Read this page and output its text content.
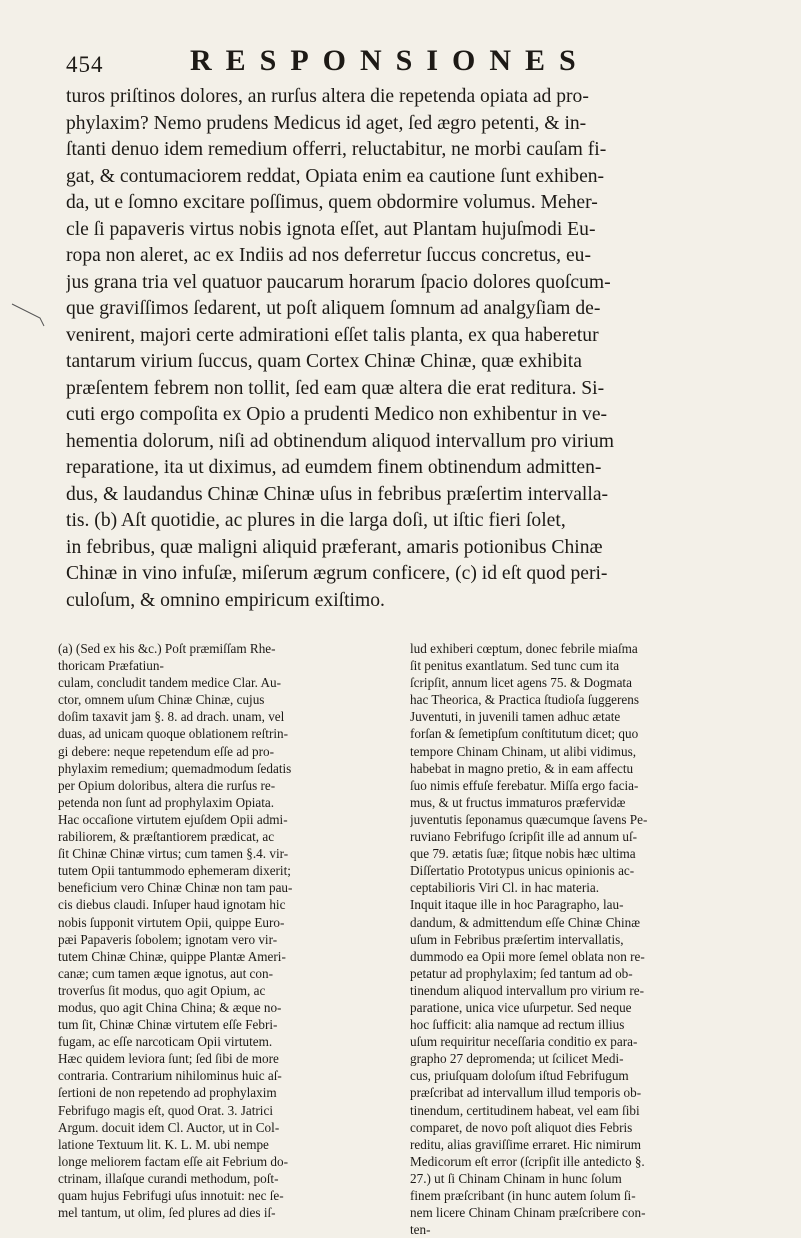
454	RESPONSIONES
turos priſtinos dolores, an rurſus altera die repetenda opiata ad pro-
phylaxim? Nemo prudens Medicus id aget, ſed ægro petenti, & in-
ſtanti denuo idem remedium offerri, reluctabitur, ne morbi cauſam fi-
gat, & contumaciorem reddat, Opiata enim ea cautione ſunt exhiben-
da, ut e ſomno excitare poſſimus, quem obdormire volumus. Meher-
cle ſi papaveris virtus nobis ignota eſſet, aut Plantam hujuſmodi Eu-
ropa non aleret, ac ex Indiis ad nos deferretur ſuccus concretus, eu-
jus grana tria vel quatuor paucarum horarum ſpacio dolores quoſcum-
que graviſſimos ſedarent, ut poſt aliquem ſomnum ad analgyſiam de-
venirent, majori certe admirationi eſſet talis planta, ex qua haberetur
tantarum virium ſuccus, quam Cortex Chinæ Chinæ, quæ exhibita
præſentem febrem non tollit, ſed eam quæ altera die erat reditura. Si-
cuti ergo compoſita ex Opio a prudenti Medico non exhibentur in ve-
hementia dolorum, niſi ad obtinendum aliquod intervallum pro virium
reparatione, ita ut diximus, ad eumdem finem obtinendum admitten-
dus, & laudandus Chinæ Chinæ uſus in febribus præſertim intervalla-
tis. (b) Aſt quotidie, ac plures in die larga doſi, ut iſtic fieri ſolet,
in febribus, quæ maligni aliquid præferant, amaris potionibus Chinæ
Chinæ in vino infuſæ, miſerum ægrum conficere, (c) id eſt quod peri-
culoſum, & omnino empiricum exiſtimo.
(a) (Sed ex his &c.) Poſt præmiſſam Rhe-
thoricam Præfatiun-
culam, concludit tandem medice Clar. Au-
ctor, omnem uſum Chinæ Chinæ, cujus
doſim taxavit jam §. 8. ad drach. unam, vel
duas, ad unicam quoque oblationem reſtrin-
gi debere: neque repetendum eſſe ad pro-
phylaxim remedium; quemadmodum ſedatis
per Opium doloribus, altera die rurſus re-
petenda non ſunt ad prophylaxim Opiata.
Hac occaſione virtutem ejuſdem Opii admi-
rabiliorem, & præſtantiorem prædicat, ac
ſit Chinæ Chinæ virtus; cum tamen §.4. vir-
tutem Opii tantummodo ephemeram dixerit;
beneficium vero Chinæ Chinæ non tam pau-
cis diebus claudi. Inſuper haud ignotam hic
nobis ſupponit virtutem Opii, quippe Euro-
pæi Papaveris ſobolem; ignotam vero vir-
tutem Chinæ Chinæ, quippe Plantæ Ameri-
canæ; cum tamen æque ignotus, aut con-
troverſus ſit modus, quo agit Opium, ac
modus, quo agit China China; & æque no-
tum ſit, Chinæ Chinæ virtutem eſſe Febri-
fugam, ac eſſe narcoticam Opii virtutem.
Hæc quidem leviora ſunt; ſed ſibi de more
contraria. Contrarium nihilominus huic aſ-
ſertioni de non repetendo ad prophylaxim
Febrifugo magis eſt, quod Orat. 3. Jatrici
Argum. docuit idem Cl. Auctor, ut in Col-
latione Textuum lit. K. L. M. ubi nempe
longe meliorem factam eſſe ait Febrium do-
ctrinam, illaſque curandi methodum, poſt-
quam hujus Febrifugi uſus innotuit: nec ſe-
mel tantum, ut olim, ſed plures ad dies iſ-
lud exhiberi cœptum, donec febrile miaſma
ſit penitus exantlatum. Sed tunc cum ita
ſcripſit, annum licet agens 75. & Dogmata
hac Theorica, & Practica ſtudioſa ſuggerens
Juventuti, in juvenili tamen adhuc ætate
forſan & ſemetipſum conſtitutum dicet; quo
tempore Chinam Chinam, ut alibi vidimus,
habebat in magno pretio, & in eam affectu
ſuo nimis effuſe ferebatur. Miſſa ergo facia-
mus, & ut fructus immaturos præfervidæ
juventutis ſeponamus quæcumque ſavens Pe-
ruviano Febrifugo ſcripſit ille ad annum uſ-
que 79. ætatis ſuæ; ſitque nobis hæc ultima
Diſſertatio Prototypus unicus opinionis ac-
ceptabilioris Viri Cl. in hac materia.
Inquit itaque ille in hoc Paragrapho, lau-
dandum, & admittendum eſſe Chinæ Chinæ
uſum in Febribus præſertim intervallatis,
dummodo ea Opii more ſemel oblata non re-
petatur ad prophylaxim; ſed tantum ad ob-
tinendum aliquod intervallum pro virium re-
paratione, unica vice uſurpetur. Sed neque
hoc ſufficit: alia namque ad rectum illius
uſum requiritur neceſſaria conditio ex para-
grapho 27 depromenda; ut ſcilicet Medi-
cus, priuſquam doloſum iſtud Febrifugum
præſcribat ad intervallum illud temporis ob-
tinendum, certitudinem habeat, vel eam ſibi
comparet, de novo poſt aliquot dies Febris
reditu, alias graviſſime erraret. Hic nimirum
Medicorum eſt error (ſcripſit ille antedicto §.
27.) ut ſi Chinam Chinam in hunc ſolum
finem præſcribant (in hunc autem ſolum ſi-
nem licere Chinam Chinam præſcribere con-
ten-
